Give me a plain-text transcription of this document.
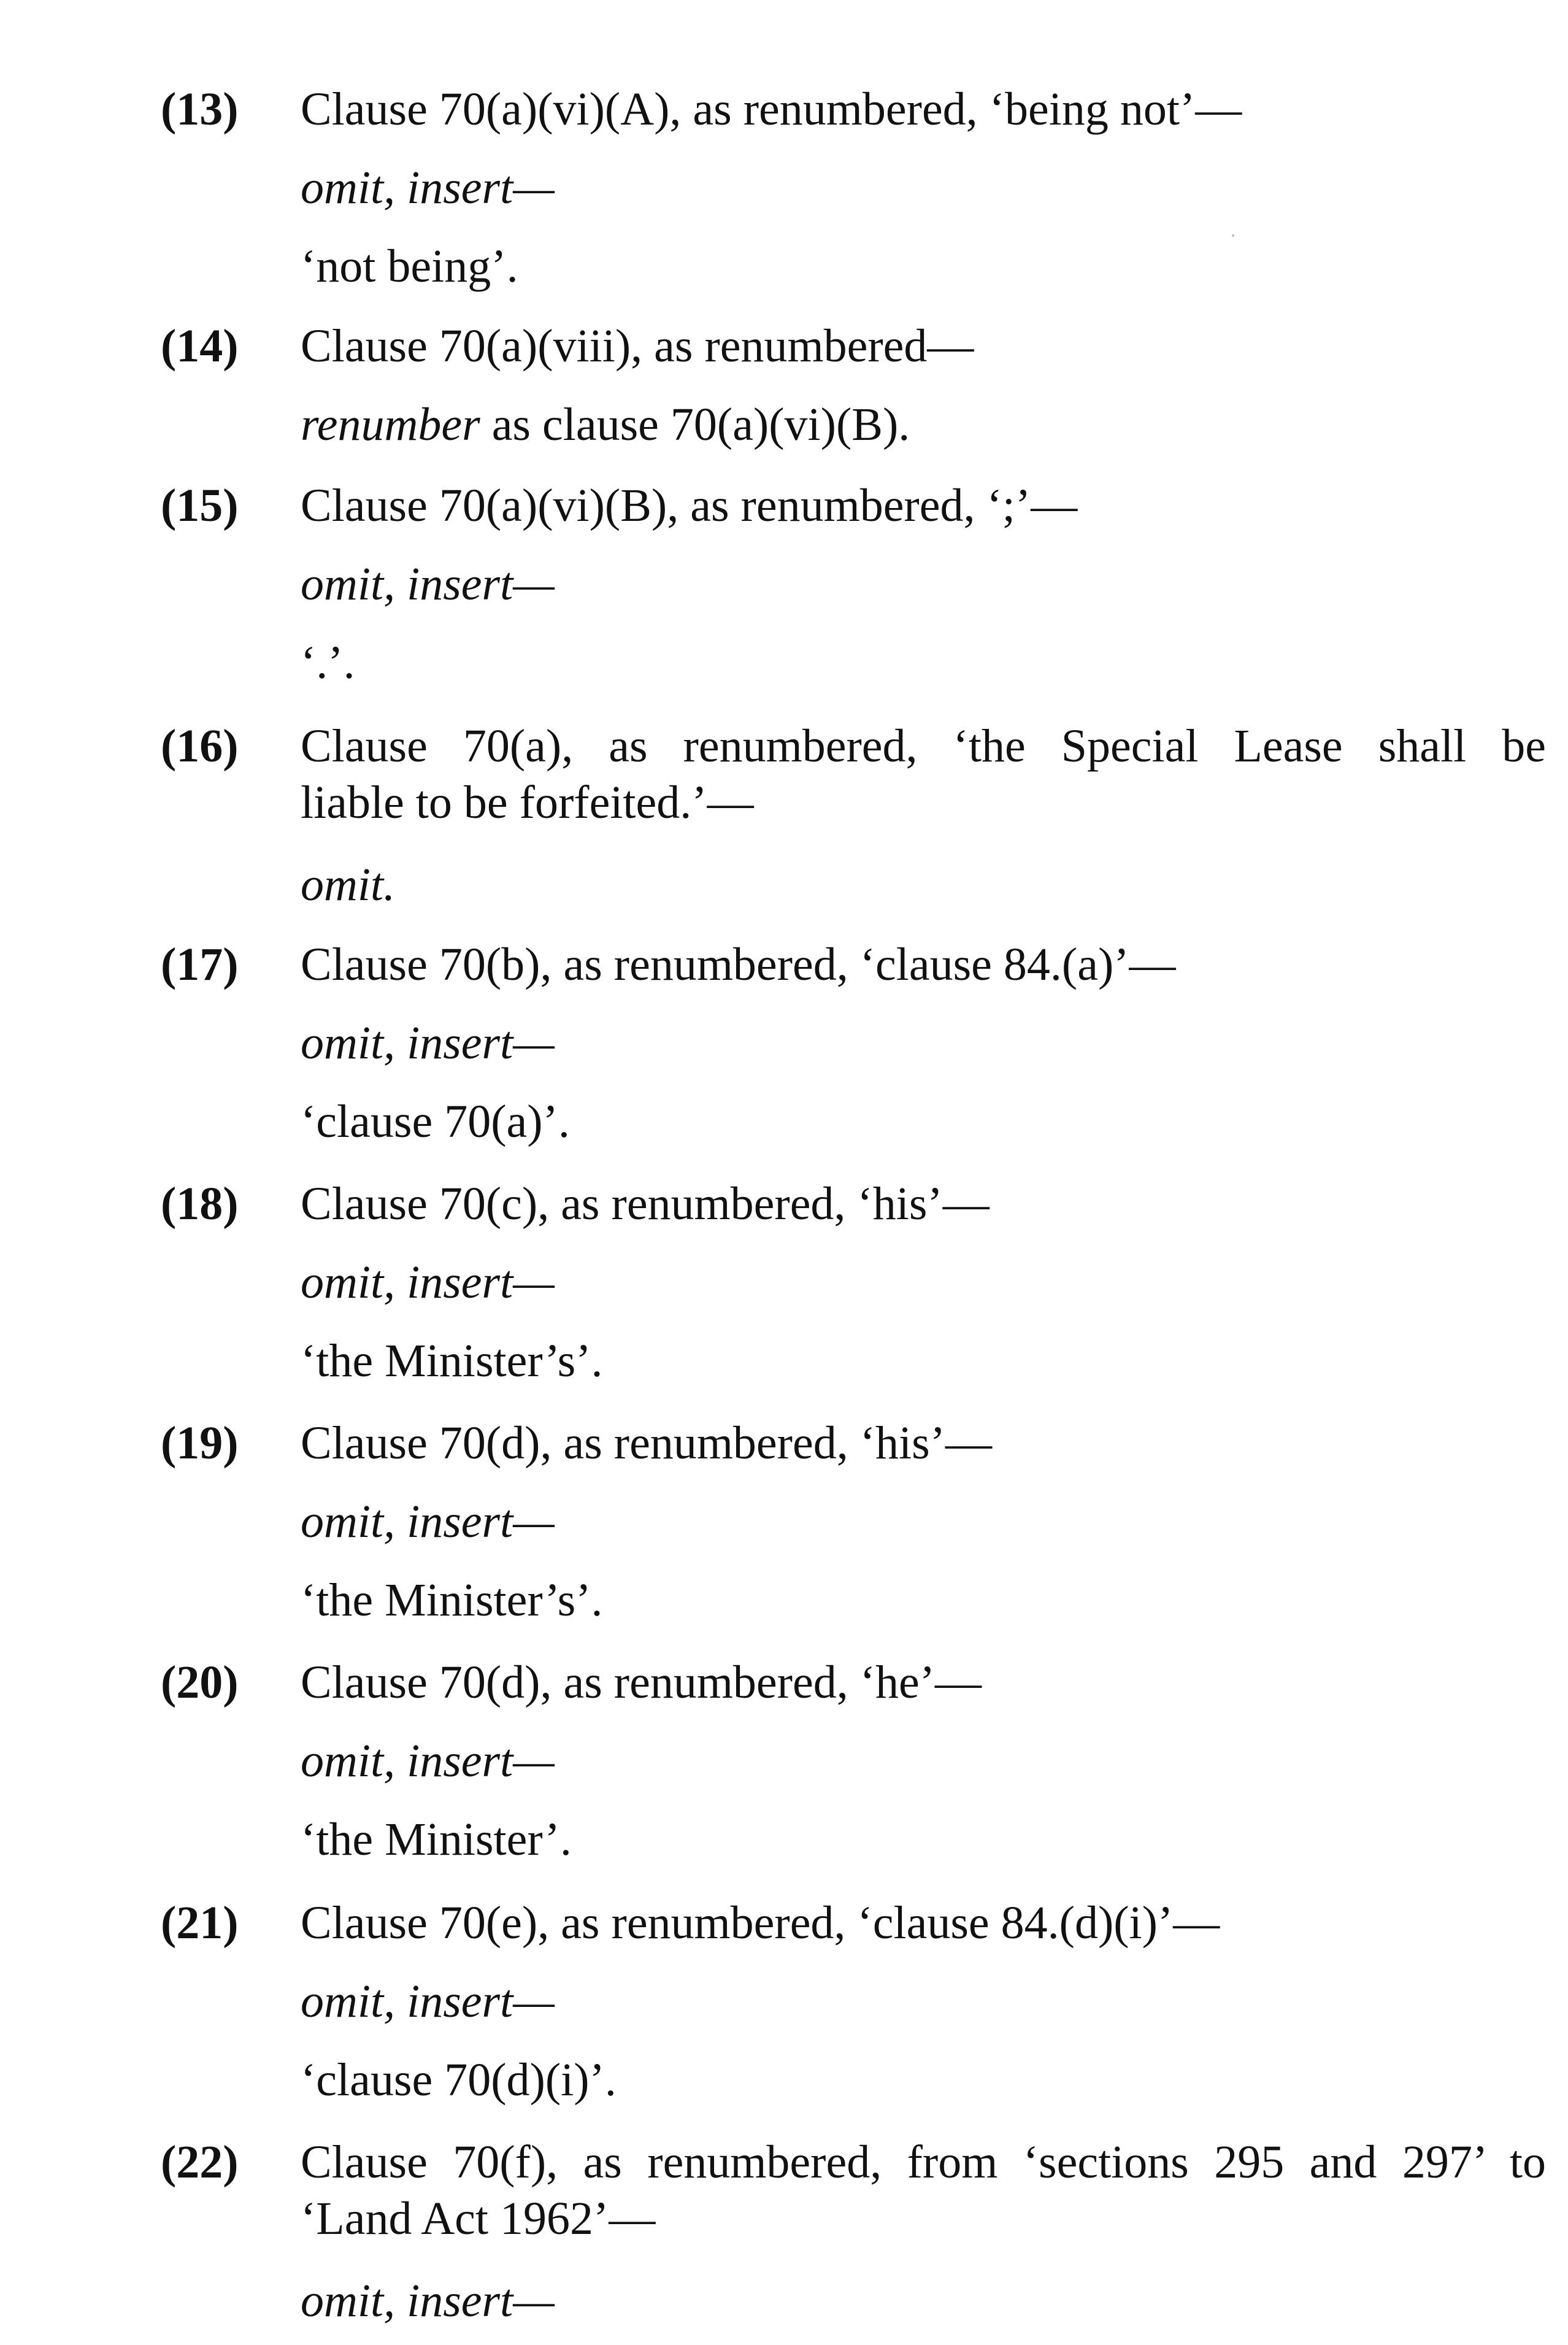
(13) Clause 70(a)(vi)(A), as renumbered, ‘being not’—
omit, insert—
‘not being’.
(14) Clause 70(a)(viii), as renumbered—
renumber as clause 70(a)(vi)(B).
(15) Clause 70(a)(vi)(B), as renumbered, ‘;’—
omit, insert—
‘.’.
(16) Clause 70(a), as renumbered, ‘the Special Lease shall be
liable to be forfeited.’—
omit.
(17) Clause 70(b), as renumbered, ‘clause 84.(a)’—
omit, insert—
‘clause 70(a)’.
(18) Clause 70(c), as renumbered, ‘his’—
omit, insert—
‘the Minister’s’.
(19) Clause 70(d), as renumbered, ‘his’—
omit, insert—
‘the Minister’s’.
(20) Clause 70(d), as renumbered, ‘he’—
omit, insert—
‘the Minister’.
(21) Clause 70(e), as renumbered, ‘clause 84.(d)(i)’—
omit, insert—
‘clause 70(d)(i)’.
(22) Clause 70(f), as renumbered, from ‘sections 295 and 297’ to
‘Land Act 1962’—
omit, insert—
